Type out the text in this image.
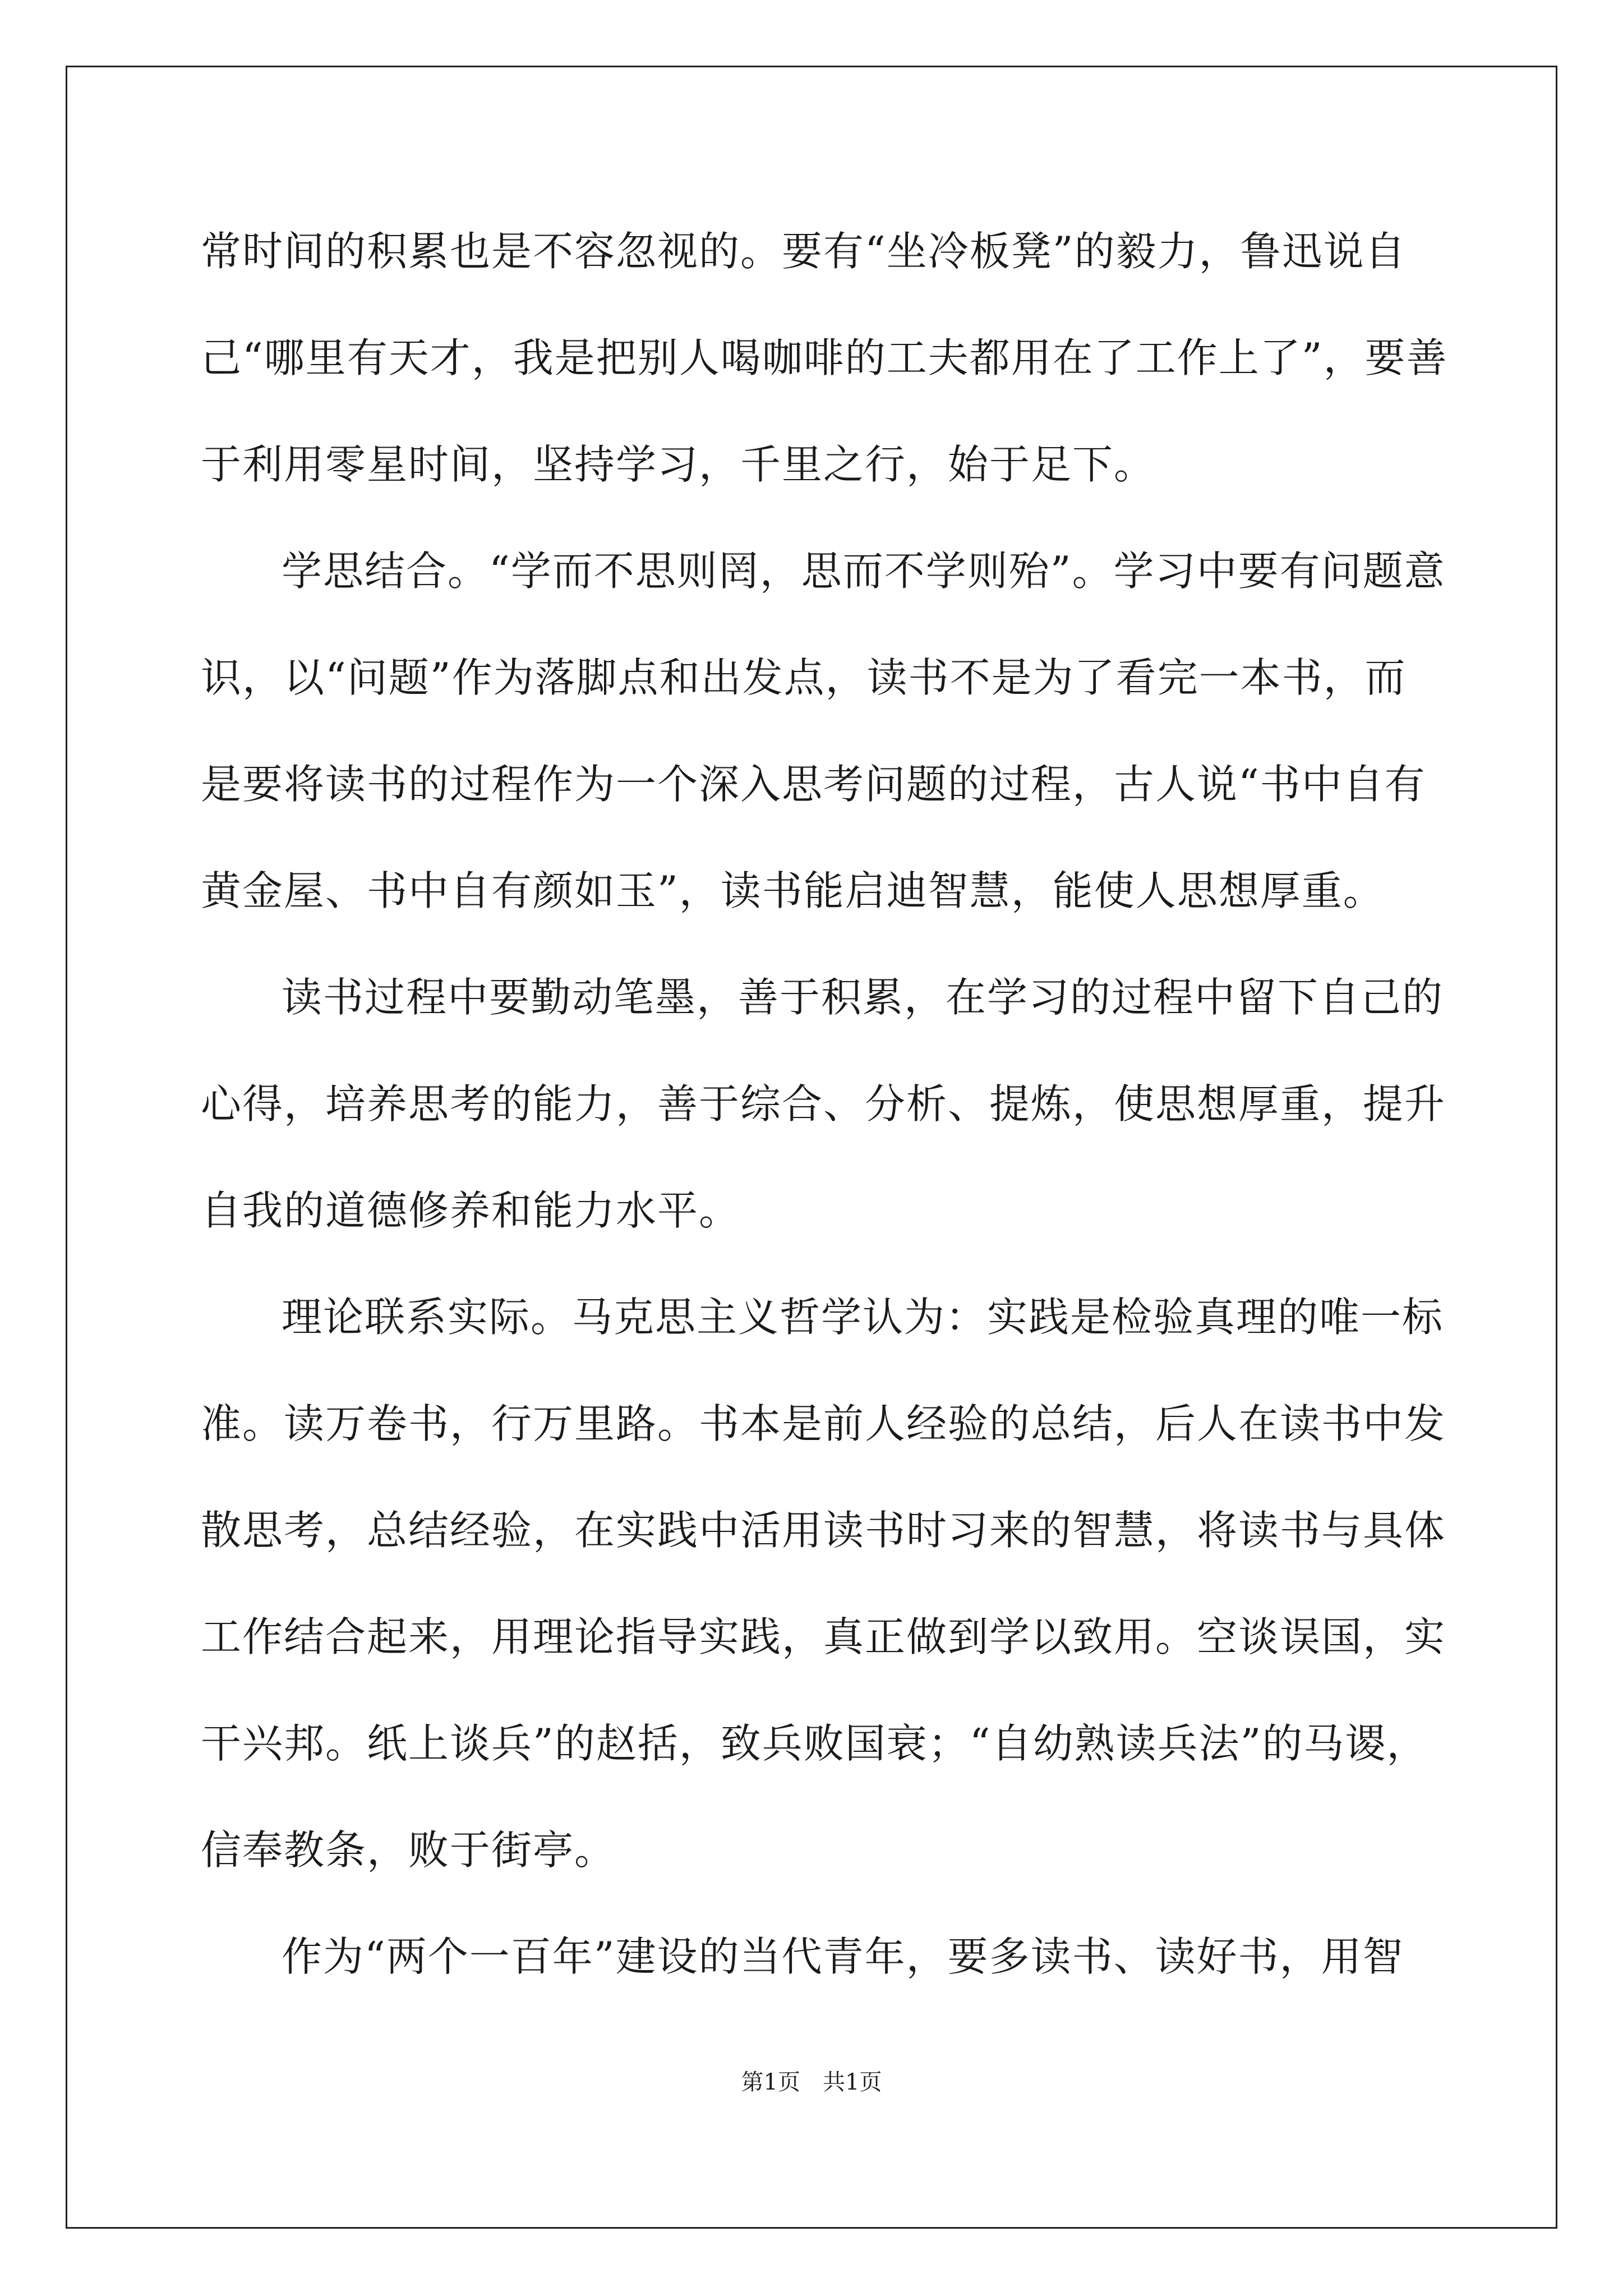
常时间的积累也是不容忽视的。要有“坐冷板凳”的毅力，鲁迅说自
己“哪里有天才，我是把别人喝咖啡的工夫都用在了工作上了”，要善
于利用零星时间，坚持学习，千里之行，始于足下。
学思结合。“学而不思则罔，思而不学则殆”。学习中要有问题意
识，以“问题”作为落脚点和出发点，读书不是为了看完一本书，而
是要将读书的过程作为一个深入思考问题的过程，古人说“书中自有
黄金屋、书中自有颜如玉”，读书能启迪智慧，能使人思想厚重。
读书过程中要勤动笔墨，善于积累，在学习的过程中留下自己的
心得，培养思考的能力，善于综合、分析、提炼，使思想厚重，提升
自我的道德修养和能力水平。
理论联系实际。马克思主义哲学认为：实践是检验真理的唯一标
准。读万卷书，行万里路。书本是前人经验的总结，后人在读书中发
散思考，总结经验，在实践中活用读书时习来的智慧，将读书与具体
工作结合起来，用理论指导实践，真正做到学以致用。空谈误国，实
干兴邦。纸上谈兵”的赵括，致兵败国衰；“自幼熟读兵法”的马谡，
信奉教条，败于街亭。
作为“两个一百年”建设的当代青年，要多读书、读好书，用智
第1页　共1页
